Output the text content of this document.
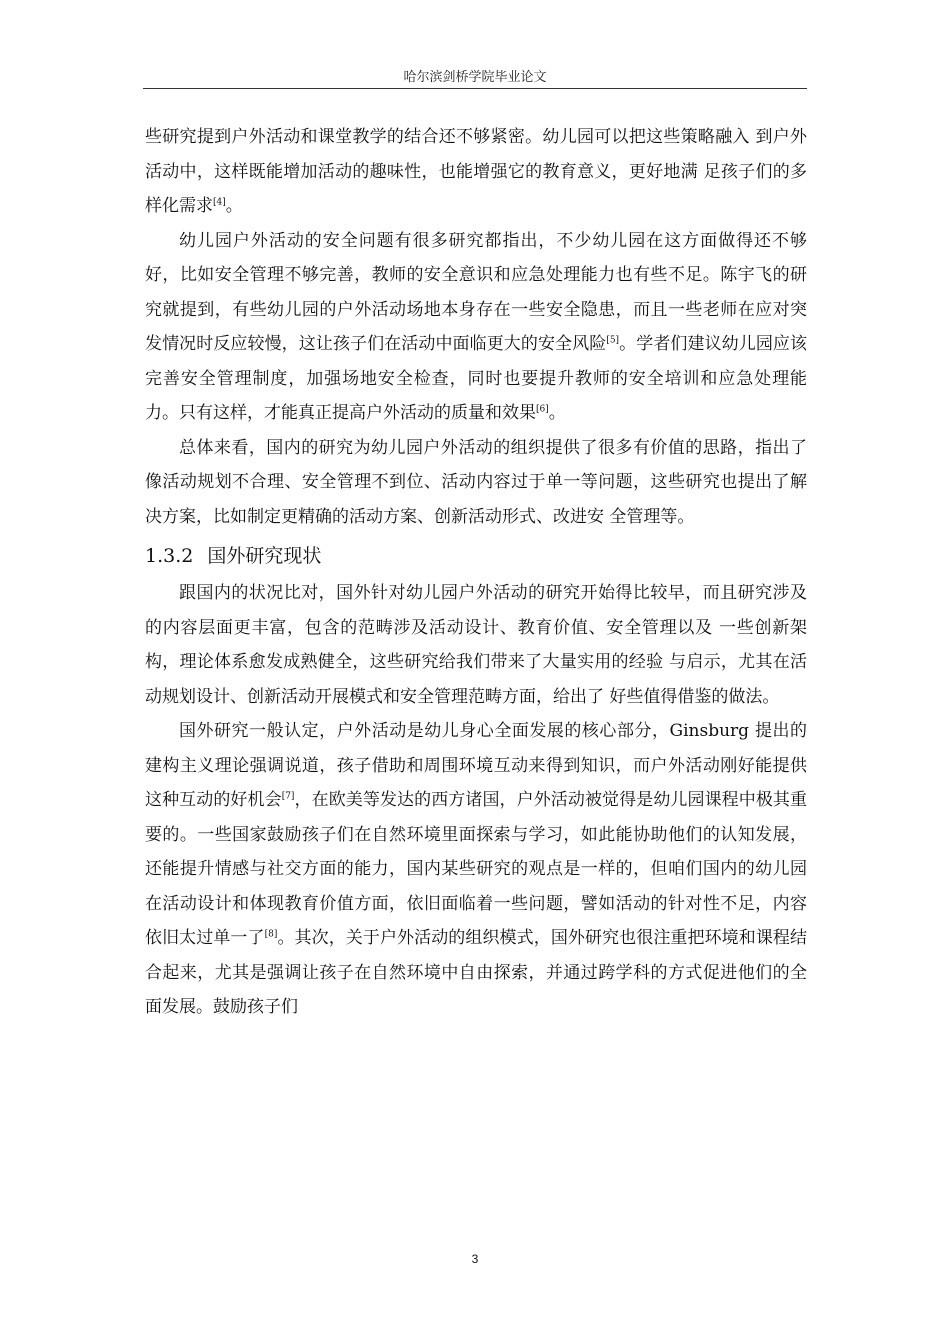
哈尔滨剑桥学院毕业论文

些研究提到户外活动和课堂教学的结合还不够紧密。幼儿园可以把这些策略融入 到户外活动中，这样既能增加活动的趣味性，也能增强它的教育意义，更好地满 足孩子们的多样化需求[4]。

幼儿园户外活动的安全问题有很多研究都指出，不少幼儿园在这方面做得还不够好，比如安全管理不够完善，教师的安全意识和应急处理能力也有些不足。陈宇飞的研究就提到，有些幼儿园的户外活动场地本身存在一些安全隐患，而且一些老师在应对突发情况时反应较慢，这让孩子们在活动中面临更大的安全风险[5]。学者们建议幼儿园应该完善安全管理制度，加强场地安全检查，同时也要提升教师的安全培训和应急处理能力。只有这样，才能真正提高户外活动的质量和效果[6]。

总体来看，国内的研究为幼儿园户外活动的组织提供了很多有价值的思路，指出了像活动规划不合理、安全管理不到位、活动内容过于单一等问题，这些研究也提出了解决方案，比如制定更精确的活动方案、创新活动形式、改进安 全管理等。

1.3.2 国外研究现状

跟国内的状况比对，国外针对幼儿园户外活动的研究开始得比较早，而且研究涉及的内容层面更丰富，包含的范畴涉及活动设计、教育价值、安全管理以及 一些创新架构，理论体系愈发成熟健全，这些研究给我们带来了大量实用的经验 与启示，尤其在活动规划设计、创新活动开展模式和安全管理范畴方面，给出了 好些值得借鉴的做法。

国外研究一般认定，户外活动是幼儿身心全面发展的核心部分，Ginsburg 提出的建构主义理论强调说道，孩子借助和周围环境互动来得到知识，而户外活动刚好能提供这种互动的好机会[7]，在欧美等发达的西方诸国，户外活动被觉得是幼儿园课程中极其重要的。一些国家鼓励孩子们在自然环境里面探索与学习，如此能协助他们的认知发展，还能提升情感与社交方面的能力，国内某些研究的观点是一样的，但咱们国内的幼儿园在活动设计和体现教育价值方面，依旧面临着一些问题，譬如活动的针对性不足，内容依旧太过单一了[8]。其次，关于户外活动的组织模式，国外研究也很注重把环境和课程结合起来，尤其是强调让孩子在自然环境中自由探索，并通过跨学科的方式促进他们的全面发展。鼓励孩子们

3
